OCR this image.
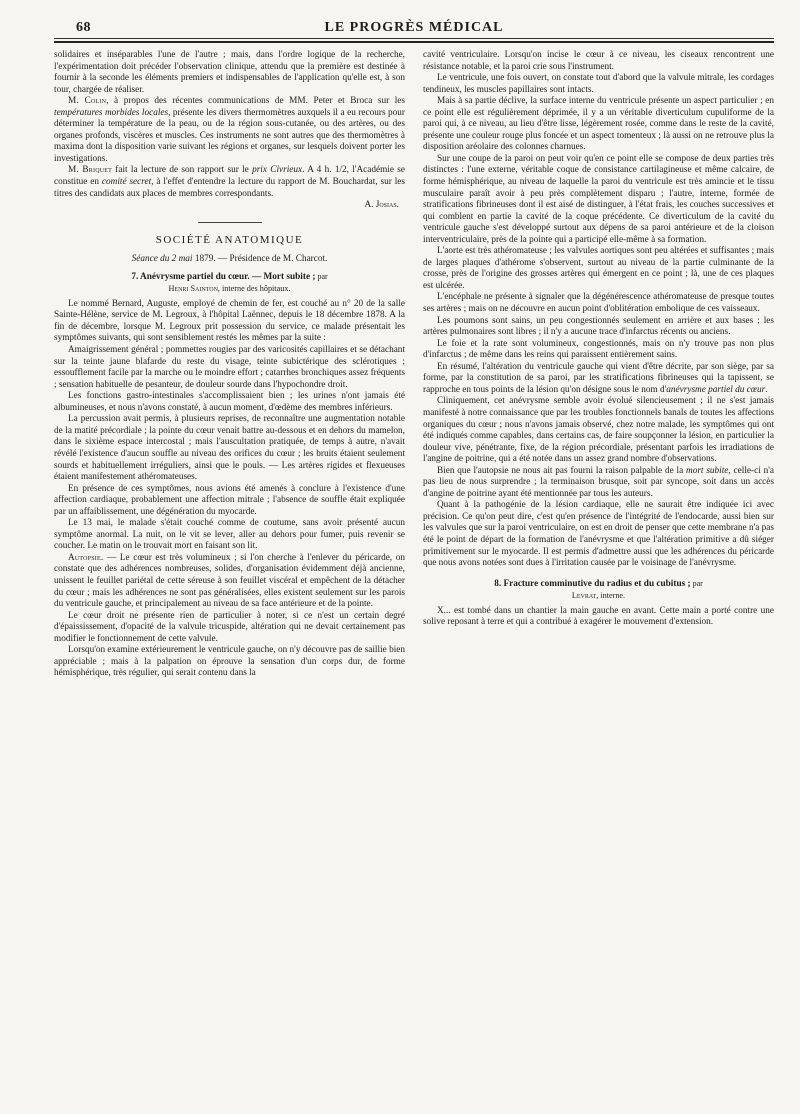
68	LE PROGRÈS MÉDICAL

solidaires et inséparables l'une de l'autre ; mais, dans l'ordre logique de la recherche, l'expérimentation doit précéder l'observation clinique, attendu que la première est destinée à fournir à la seconde les éléments premiers et indispensables de l'application qu'elle est, à son tour, chargée de réaliser.

M. Colin, à propos des récentes communications de MM. Peter et Broca sur les températures morbides locales, présente les divers thermomètres auxquels il a eu recours pour déterminer la température de la peau, ou de la région sous-cutanée, ou des artères, ou des organes profonds, viscères et muscles. Ces instruments ne sont autres que des thermomètres à maxima dont la disposition varie suivant les régions et organes, sur lesquels doivent porter les investigations.

M. Briquet fait la lecture de son rapport sur le prix Civrieux. A 4 h. 1/2, l'Académie se constitue en comité secret, à l'effet d'entendre la lecture du rapport de M. Bouchardat, sur les titres des candidats aux places de membres correspondants.

A. Josias.
SOCIÉTÉ ANATOMIQUE
Séance du 2 mai 1879. — Présidence de M. Charcot.
7. Anévrysme partiel du cœur. — Mort subite ; par
Henri Sainton, interne des hôpitaux.

Le nommé Bernard, Auguste, employé de chemin de fer, est couché au n° 20 de la salle Sainte-Hélène, service de M. Legroux, à l'hôpital Laënnec, depuis le 18 décembre 1878. A la fin de décembre, lorsque M. Legroux prit possession du service, ce malade présentait les symptômes suivants, qui sont sensiblement restés les mêmes par la suite :

Amaigrissement général ; pommettes rougies par des varicosités capillaires et se détachant sur la teinte jaune blafarde du reste du visage, teinte subictérique des sclérotiques ; essoufflement facile par la marche ou le moindre effort ; catarrhes bronchiques assez fréquents ; sensation habituelle de pesanteur, de douleur sourde dans l'hypochondre droit.

Les fonctions gastro-intestinales s'accomplissaient bien ; les urines n'ont jamais été albumineuses, et nous n'avons constaté, à aucun moment, d'œdème des membres inférieurs.

La percussion avait permis, à plusieurs reprises, de reconnaître une augmentation notable de la matité précordiale ; la pointe du cœur venait battre au-dessous et en dehors du mamelon, dans le sixième espace intercostal ; mais l'auscultation pratiquée, de temps à autre, n'avait révélé l'existence d'aucun souffle au niveau des orifices du cœur ; les bruits étaient seulement sourds et habituellement irréguliers, ainsi que le pouls. — Les artères rigides et flexueuses étaient manifestement athéromateuses.

En présence de ces symptômes, nous avions été amenés à conclure à l'existence d'une affection cardiaque, probablement une affection mitrale ; l'absence de souffle était expliquée par un affaiblissement, une dégénération du myocarde.

Le 13 mai, le malade s'était couché comme de coutume, sans avoir présenté aucun symptôme anormal. La nuit, on le vit se lever, aller au dehors pour fumer, puis revenir se coucher. Le matin on le trouvait mort en faisant son lit.

Autopsie. — Le cœur est très volumineux ; si l'on cherche à l'enlever du péricarde, on constate que des adhérences nombreuses, solides, d'organisation évidemment déjà ancienne, unissent le feuillet pariétal de cette séreuse à son feuillet viscéral et empêchent de la détacher du cœur ; mais les adhérences ne sont pas généralisées, elles existent seulement sur les parois du ventricule gauche, et principalement au niveau de sa face antérieure et de la pointe.

Le cœur droit ne présente rien de particulier à noter, si ce n'est un certain degré d'épaississement, d'opacité de la valvule tricuspide, altération qui ne devait certainement pas modifier le fonctionnement de cette valvule.

Lorsqu'on examine extérieurement le ventricule gauche, on n'y découvre pas de saillie bien appréciable ; mais à la palpation on éprouve la sensation d'un corps dur, de forme hémisphérique, très régulier, qui serait contenu dans la

cavité ventriculaire. Lorsqu'on incise le cœur à ce niveau, les ciseaux rencontrent une résistance notable, et la paroi crie sous l'instrument.

Le ventricule, une fois ouvert, on constate tout d'abord que la valvule mitrale, les cordages tendineux, les muscles papillaires sont intacts.

Mais à sa partie déclive, la surface interne du ventricule présente un aspect particulier ; en ce point elle est régulièrement déprimée, il y a un véritable diverticulum cupuliforme de la paroi qui, à ce niveau, au lieu d'être lisse, légèrement rosée, comme dans le reste de la cavité, présente une couleur rouge plus foncée et un aspect tomenteux ; là aussi on ne retrouve plus la disposition aréolaire des colonnes charnues.

Sur une coupe de la paroi on peut voir qu'en ce point elle se compose de deux parties très distinctes : l'une externe, véritable coque de consistance cartilagineuse et même calcaire, de forme hémisphérique, au niveau de laquelle la paroi du ventricule est très amincie et le tissu musculaire paraît avoir à peu près complètement disparu ; l'autre, interne, formée de stratifications fibrineuses dont il est aisé de distinguer, à l'état frais, les couches successives et qui comblent en partie la cavité de la coque précédente. Ce diverticulum de la cavité du ventricule gauche s'est développé surtout aux dépens de sa paroi antérieure et de la cloison interventriculaire, près de la pointe qui a participé elle-même à sa formation.

L'aorte est très athéromateuse ; les valvules aortiques sont peu altérées et suffisantes ; mais de larges plaques d'athérome s'observent, surtout au niveau de la partie culminante de la crosse, près de l'origine des grosses artères qui émergent en ce point ; là, une de ces plaques est ulcérée.

L'encéphale ne présente à signaler que la dégénérescence athéromateuse de presque toutes ses artères ; mais on ne découvre en aucun point d'oblitération embolique de ces vaisseaux.

Les poumons sont sains, un peu congestionnés seulement en arrière et aux bases ; les artères pulmonaires sont libres ; il n'y a aucune trace d'infarctus récents ou anciens.

Le foie et la rate sont volumineux, congestionnés, mais on n'y trouve pas non plus d'infarctus ; de même dans les reins qui paraissent entièrement sains.

En résumé, l'altération du ventricule gauche qui vient d'être décrite, par son siège, par sa forme, par la constitution de sa paroi, par les stratifications fibrineuses qui la tapissent, se rapproche en tous points de la lésion qu'on désigne sous le nom d'anévrysme partiel du cœur.

Cliniquement, cet anévrysme semble avoir évolué silencieusement ; il ne s'est jamais manifesté à notre connaissance que par les troubles fonctionnels banals de toutes les affections organiques du cœur ; nous n'avons jamais observé, chez notre malade, les symptômes qui ont été indiqués comme capables, dans certains cas, de faire soupçonner la lésion, en particulier la douleur vive, pénétrante, fixe, de la région précordiale, présentant parfois les irradiations de l'angine de poitrine, qui a été notée dans un assez grand nombre d'observations.

Bien que l'autopsie ne nous ait pas fourni la raison palpable de la mort subite, celle-ci n'a pas lieu de nous surprendre ; la terminaison brusque, soit par syncope, soit dans un accès d'angine de poitrine ayant été mentionnée par tous les auteurs.

Quant à la pathogénie de la lésion cardiaque, elle ne saurait être indiquée ici avec précision. Ce qu'on peut dire, c'est qu'en présence de l'intégrité de l'endocarde, aussi bien sur les valvules que sur la paroi ventriculaire, on est en droit de penser que cette membrane n'a pas été le point de départ de la formation de l'anévrysme et que l'altération primitive a dû siéger primitivement sur le myocarde. Il est permis d'admettre aussi que les adhérences du péricarde que nous avons notées sont dues à l'irritation causée par le voisinage de l'anévrysme.

8. Fracture comminutive du radius et du cubitus ; par
Levrat, interne.

X... est tombé dans un chantier la main gauche en avant. Cette main a porté contre une solive reposant à terre et qui a contribué à exagérer le mouvement d'extension.
